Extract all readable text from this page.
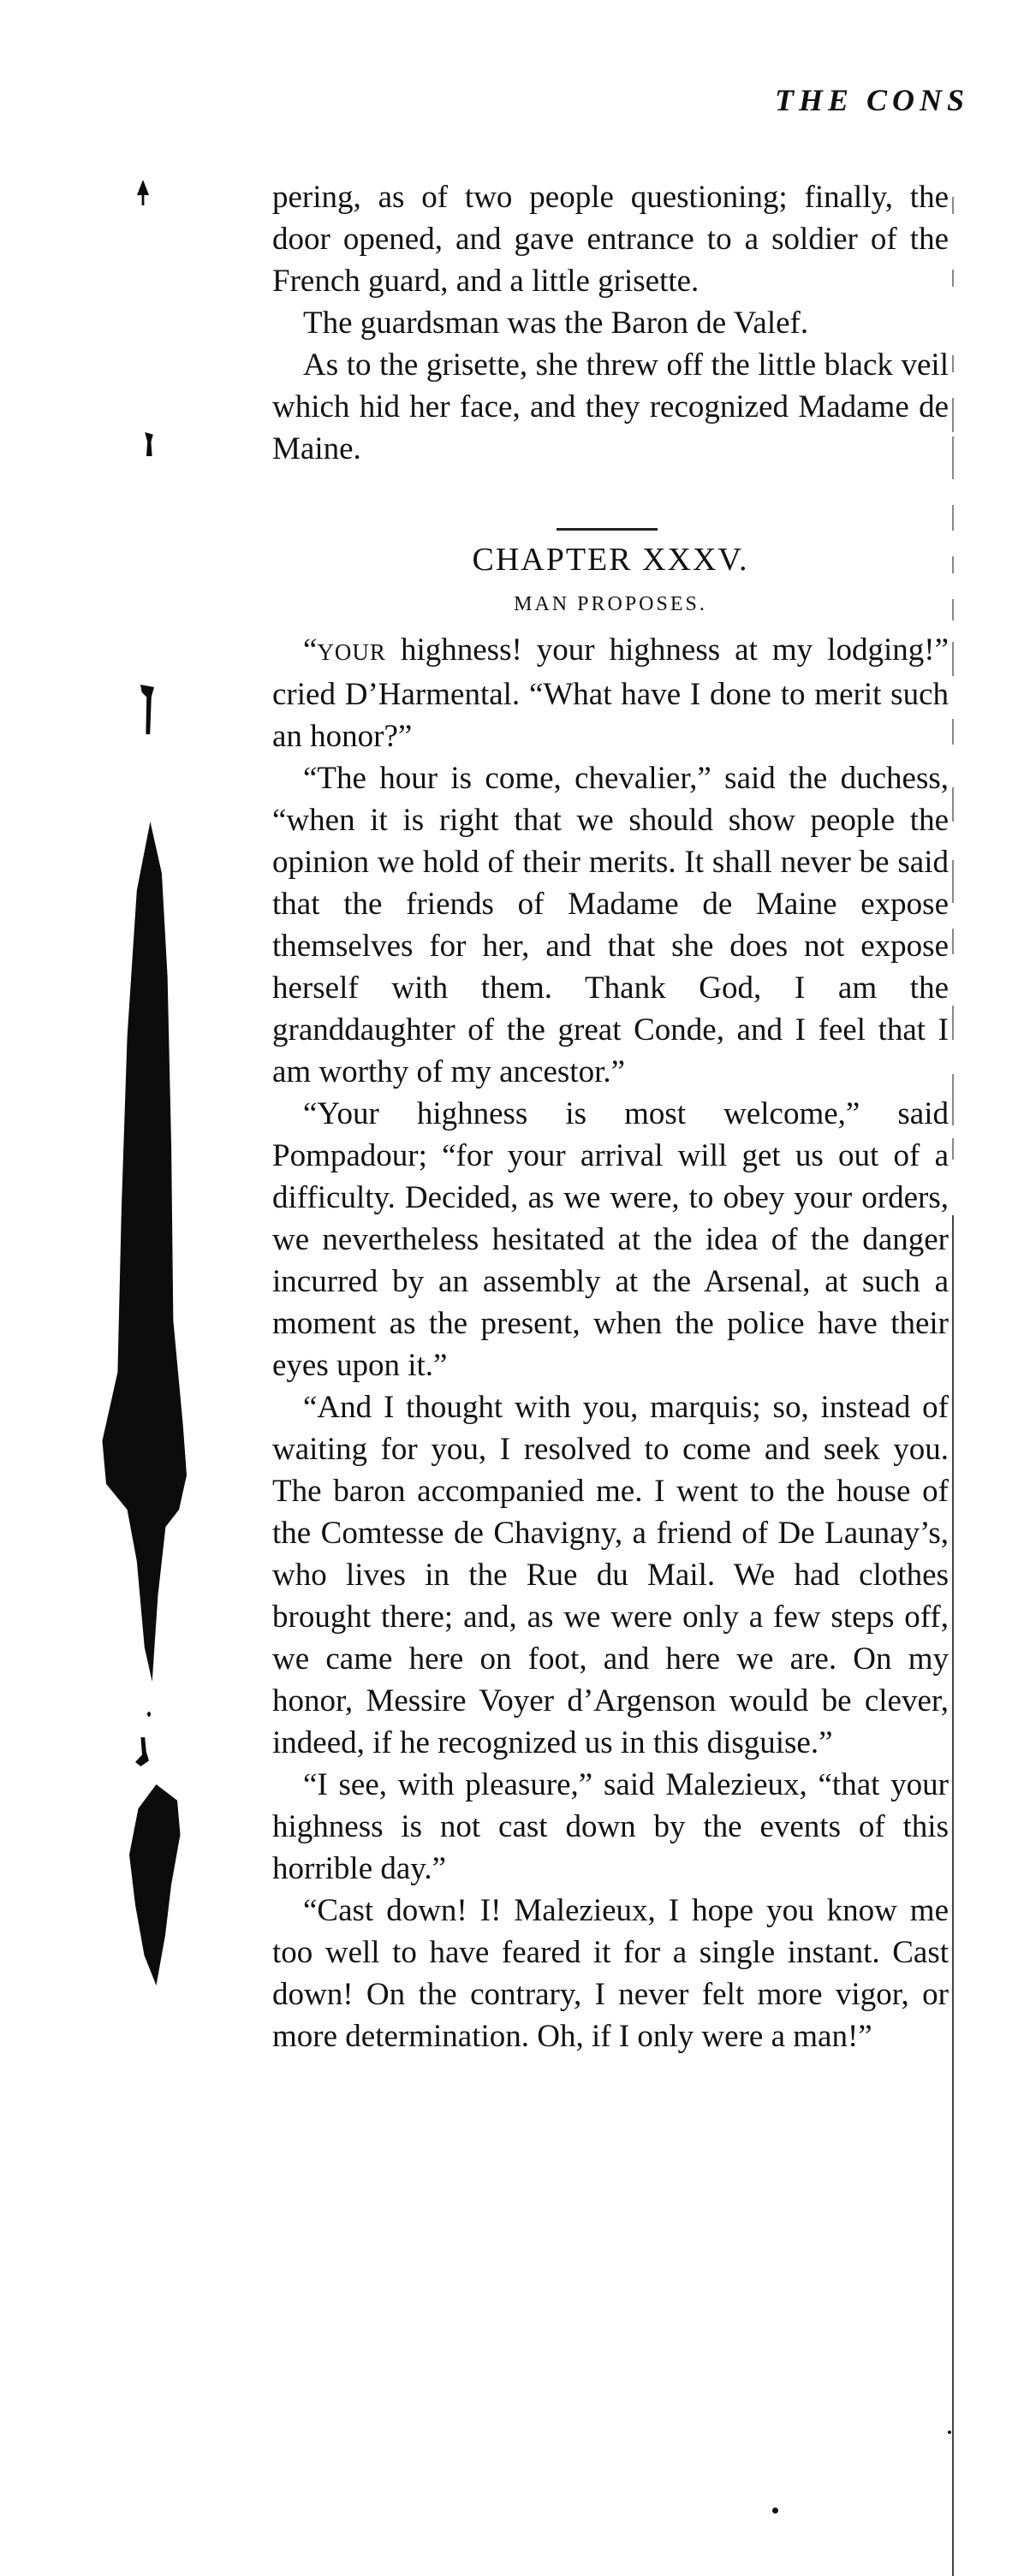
THE CONS

pering, as of two people questioning; finally, the door opened, and gave entrance to a soldier of the French guard, and a little grisette.

The guardsman was the Baron de Valef.

As to the grisette, she threw off the little black veil which hid her face, and they recognized Madame de Maine.

CHAPTER XXXV.
MAN PROPOSES.

“YOUR highness! your highness at my lodging!” cried D’Harmental. “What have I done to merit such an honor?”

“The hour is come, chevalier,” said the duchess, “when it is right that we should show people the opinion we hold of their merits. It shall never be said that the friends of Madame de Maine expose themselves for her, and that she does not expose herself with them. Thank God, I am the granddaughter of the great Conde, and I feel that I am worthy of my ancestor.”

“Your highness is most welcome,” said Pompadour; “for your arrival will get us out of a difficulty. Decided, as we were, to obey your orders, we nevertheless hesitated at the idea of the danger incurred by an assembly at the Arsenal, at such a moment as the present, when the police have their eyes upon it.”

“And I thought with you, marquis; so, instead of waiting for you, I resolved to come and seek you. The baron accompanied me. I went to the house of the Comtesse de Chavigny, a friend of De Launay’s, who lives in the Rue du Mail. We had clothes brought there; and, as we were only a few steps off, we came here on foot, and here we are. On my honor, Messire Voyer d’Argenson would be clever, indeed, if he recognized us in this disguise.”

“I see, with pleasure,” said Malezieux, “that your highness is not cast down by the events of this horrible day.”

“Cast down! I! Malezieux, I hope you know me too well to have feared it for a single instant. Cast down! On the contrary, I never felt more vigor, or more determination. Oh, if I only were a man!”
